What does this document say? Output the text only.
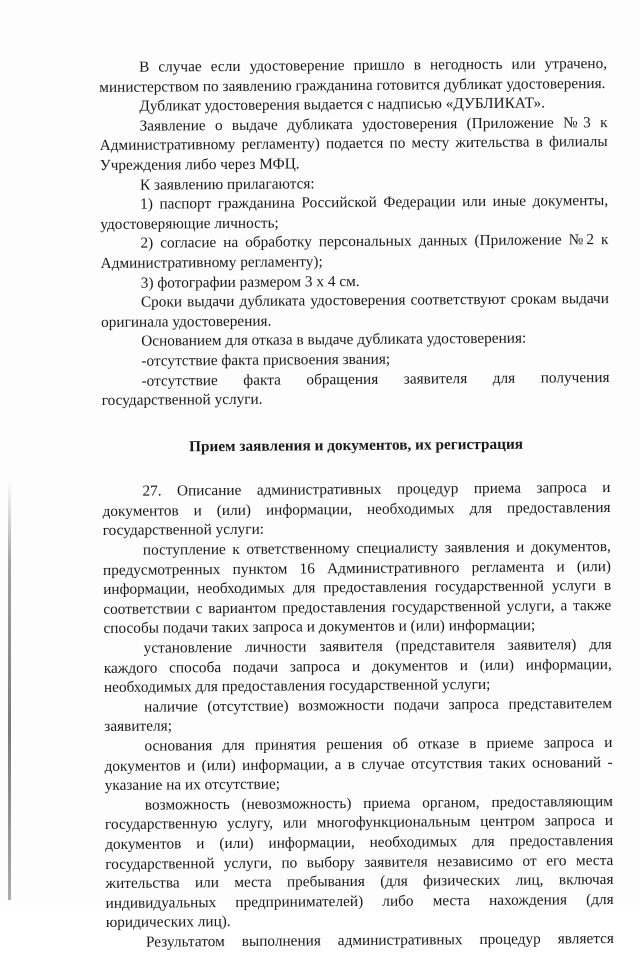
В случае если удостоверение пришло в негодность или утрачено, министерством по заявлению гражданина готовится дубликат удостоверения.

Дубликат удостоверения выдается с надписью «ДУБЛИКАТ».

Заявление о выдаче дубликата удостоверения (Приложение №3 к Административному регламенту) подается по месту жительства в филиалы Учреждения либо через МФЦ.

К заявлению прилагаются:

1) паспорт гражданина Российской Федерации или иные документы, удостоверяющие личность;

2) согласие на обработку персональных данных (Приложение №2 к Административному регламенту);

3) фотографии размером 3 х 4 см.

Сроки выдачи дубликата удостоверения соответствуют срокам выдачи оригинала удостоверения.

Основанием для отказа в выдаче дубликата удостоверения:

-отсутствие факта присвоения звания;

-отсутствие факта обращения заявителя для получения государственной услуги.

Прием заявления и документов, их регистрация

27. Описание административных процедур приема запроса и документов и (или) информации, необходимых для предоставления государственной услуги:

поступление к ответственному специалисту заявления и документов, предусмотренных пунктом 16 Административного регламента и (или) информации, необходимых для предоставления государственной услуги в соответствии с вариантом предоставления государственной услуги, а также способы подачи таких запроса и документов и (или) информации;

установление личности заявителя (представителя заявителя) для каждого способа подачи запроса и документов и (или) информации, необходимых для предоставления государственной услуги;

наличие (отсутствие) возможности подачи запроса представителем заявителя;

основания для принятия решения об отказе в приеме запроса и документов и (или) информации, а в случае отсутствия таких оснований - указание на их отсутствие;

возможность (невозможность) приема органом, предоставляющим государственную услугу, или многофункциональным центром запроса и документов и (или) информации, необходимых для предоставления государственной услуги, по выбору заявителя независимо от его места жительства или места пребывания (для физических лиц, включая индивидуальных предпринимателей) либо места нахождения (для юридических лиц).

Результатом выполнения административных процедур является
